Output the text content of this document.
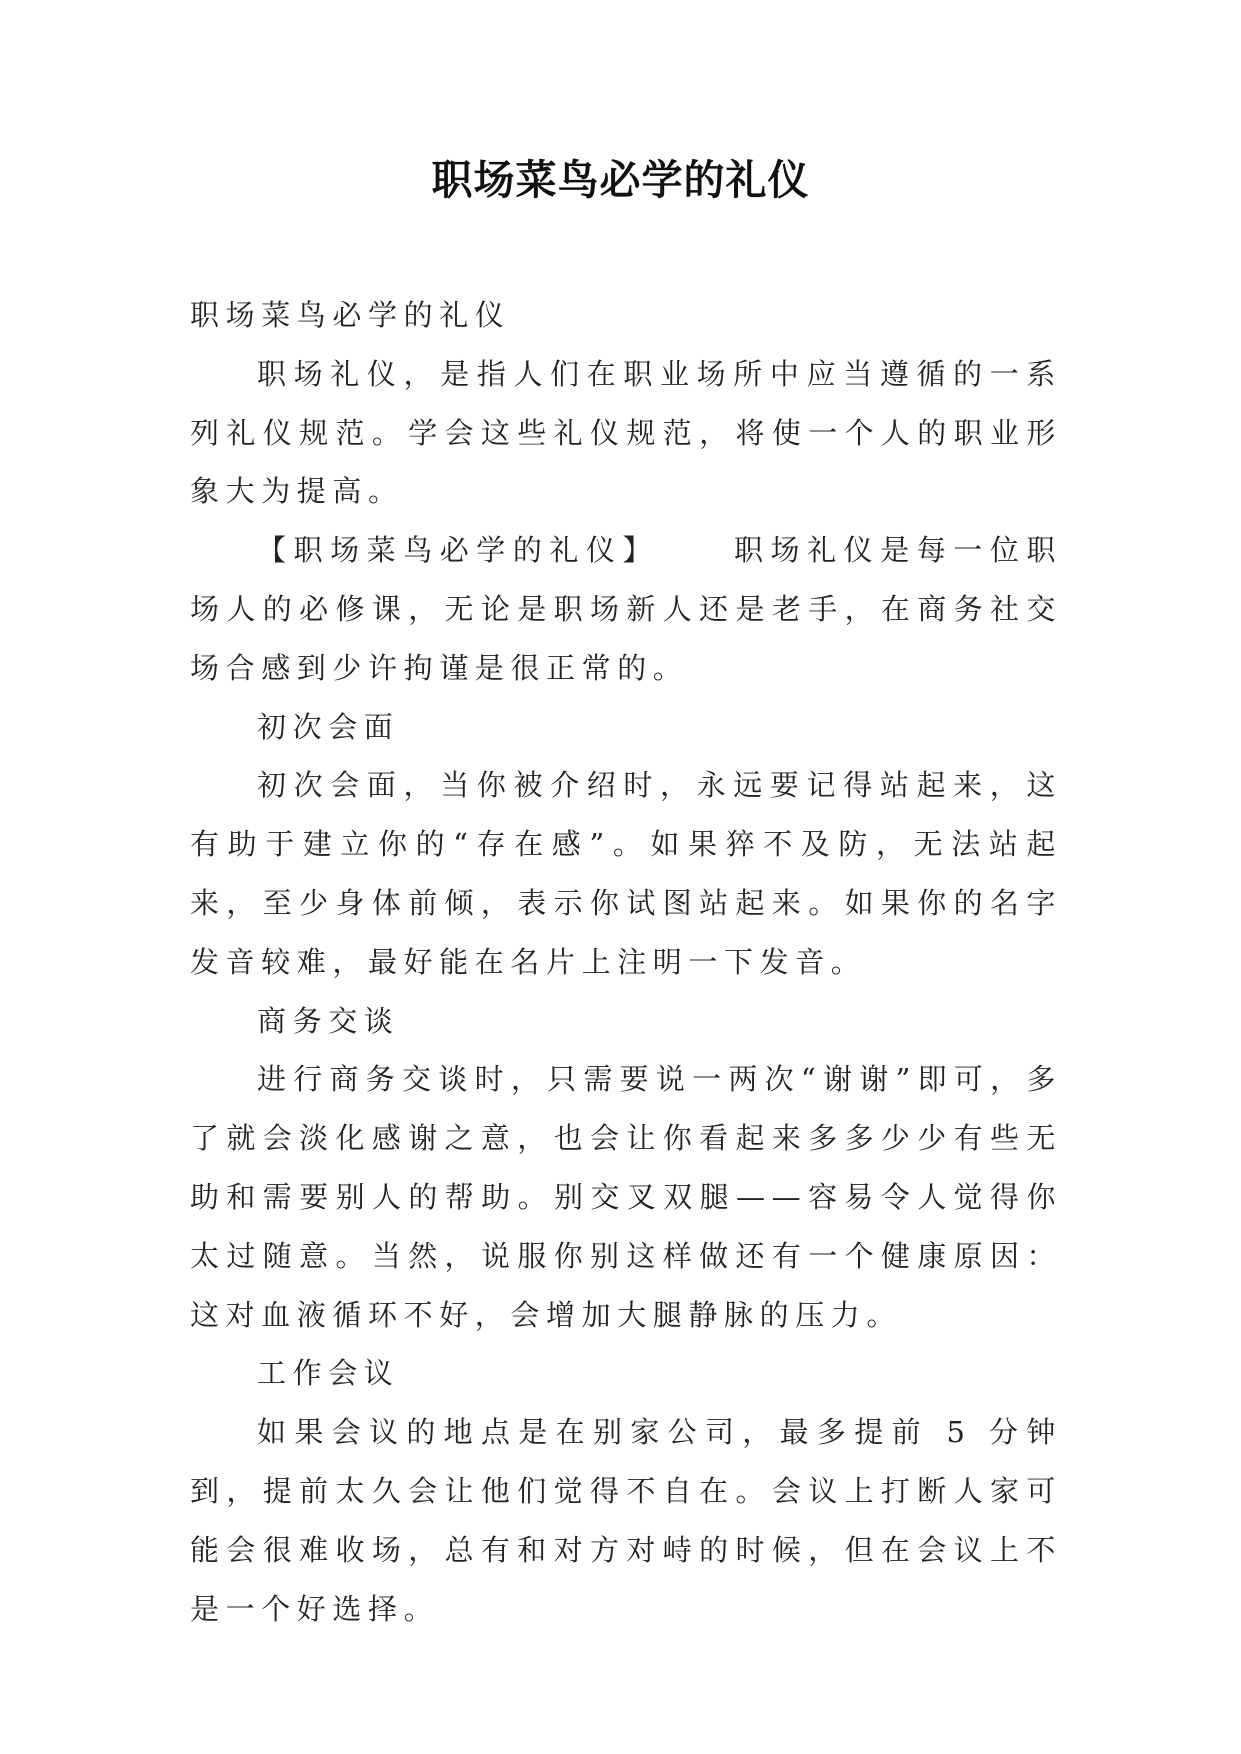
职场菜鸟必学的礼仪

职场菜鸟必学的礼仪

职场礼仪，是指人们在职业场所中应当遵循的一系列礼仪规范。学会这些礼仪规范，将使一个人的职业形象大为提高。

【职场菜鸟必学的礼仪】	职场礼仪是每一位职场人的必修课，无论是职场新人还是老手，在商务社交场合感到少许拘谨是很正常的。

初次会面

初次会面，当你被介绍时，永远要记得站起来，这有助于建立你的“存在感”。如果猝不及防，无法站起来，至少身体前倾，表示你试图站起来。如果你的名字发音较难，最好能在名片上注明一下发音。

商务交谈

进行商务交谈时，只需要说一两次“谢谢”即可，多了就会淡化感谢之意，也会让你看起来多多少少有些无助和需要别人的帮助。别交叉双腿——容易令人觉得你太过随意。当然，说服你别这样做还有一个健康原因：这对血液循环不好，会增加大腿静脉的压力。

工作会议

如果会议的地点是在别家公司，最多提前 5 分钟到，提前太久会让他们觉得不自在。会议上打断人家可能会很难收场，总有和对方对峙的时候，但在会议上不是一个好选择。
